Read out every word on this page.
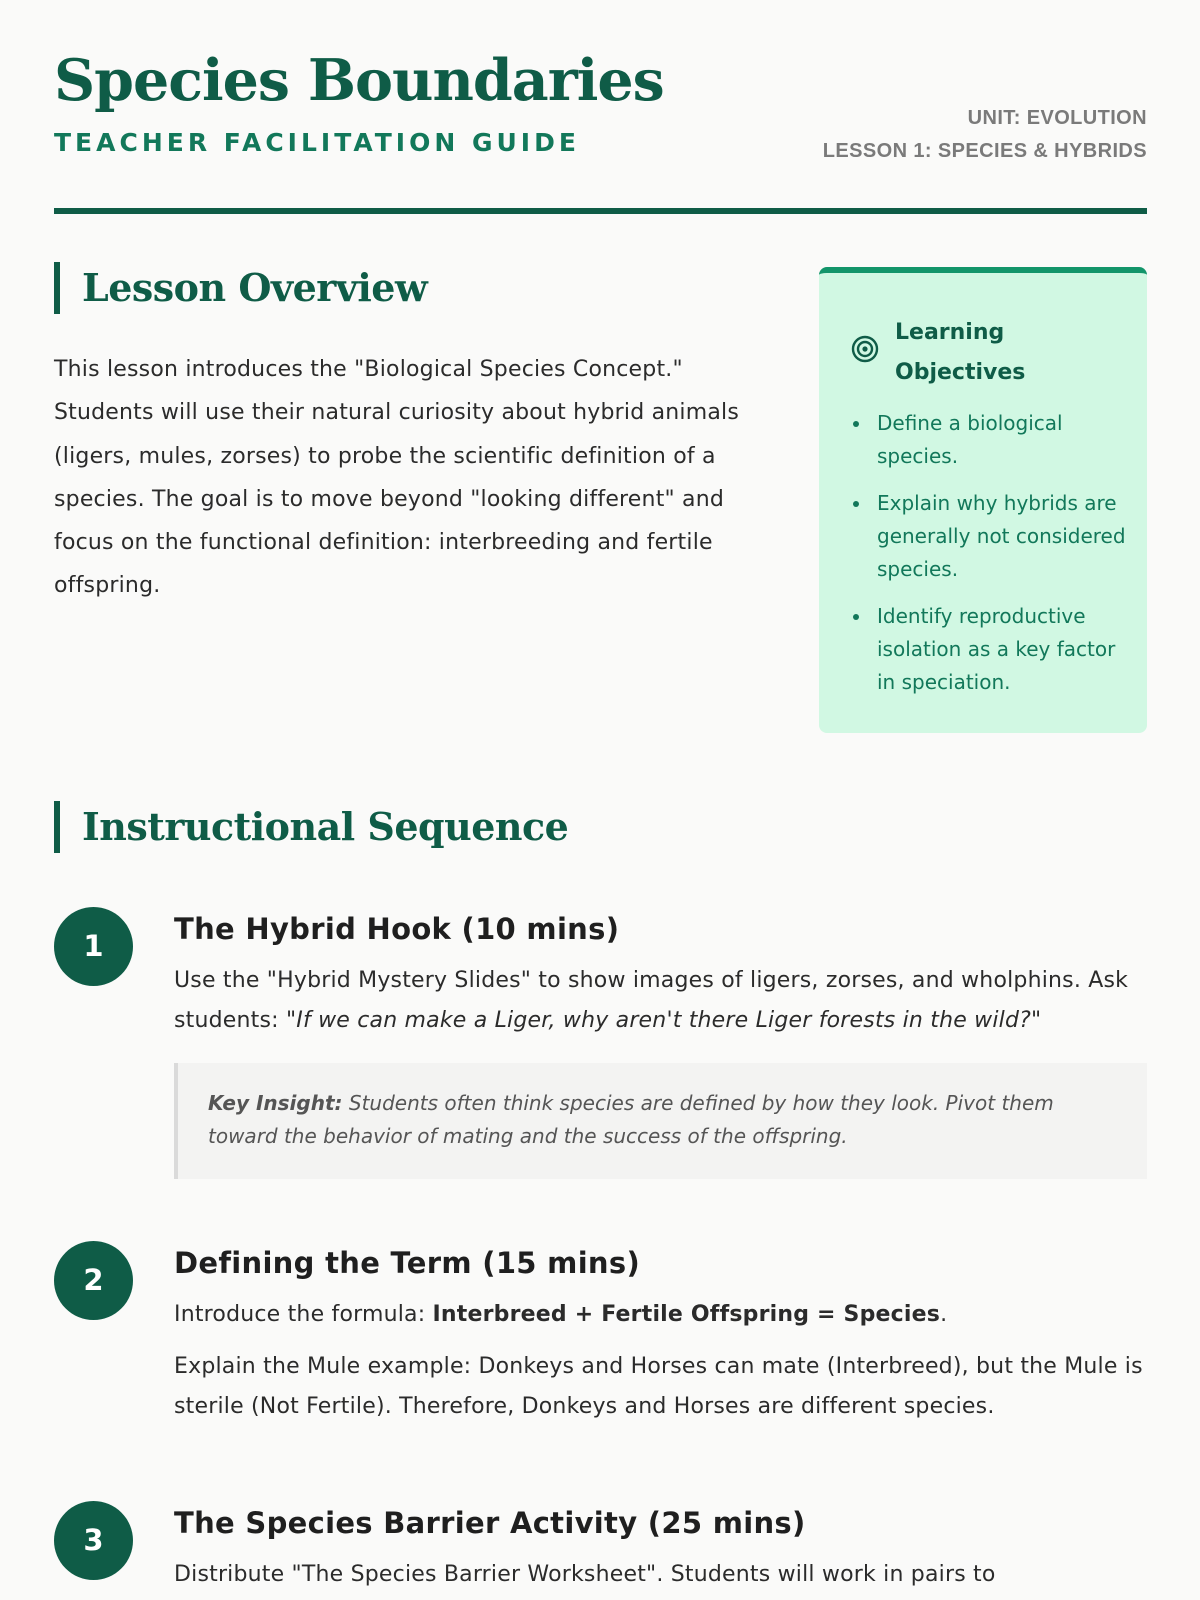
Species Boundaries
TEACHER FACILITATION GUIDE
UNIT: EVOLUTION
LESSON 1: SPECIES & HYBRIDS
Lesson Overview

This lesson introduces the "Biological Species Concept." Students will use their natural curiosity about hybrid animals (ligers, mules, zorses) to probe the scientific definition of a species. The goal is to move beyond "looking different" and focus on the functional definition: interbreeding and fertile offspring.

Learning Objectives
Define a biological species.
Explain why hybrids are generally not considered species.
Identify reproductive isolation as a key factor in speciation.
Instructional Sequence
1	The Hybrid Hook (10 mins)

Use the "Hybrid Mystery Slides" to show images of ligers, zorses, and wholphins. Ask students: "If we can make a Liger, why aren't there Liger forests in the wild?"

Key Insight: Students often think species are defined by how they look. Pivot them toward the behavior of mating and the success of the offspring.
2	Defining the Term (15 mins)

Introduce the formula: Interbreed + Fertile Offspring = Species.

Explain the Mule example: Donkeys and Horses can mate (Interbreed), but the Mule is sterile (Not Fertile). Therefore, Donkeys and Horses are different species.

3	The Species Barrier Activity (25 mins)

Distribute "The Species Barrier Worksheet". Students will work in pairs to
